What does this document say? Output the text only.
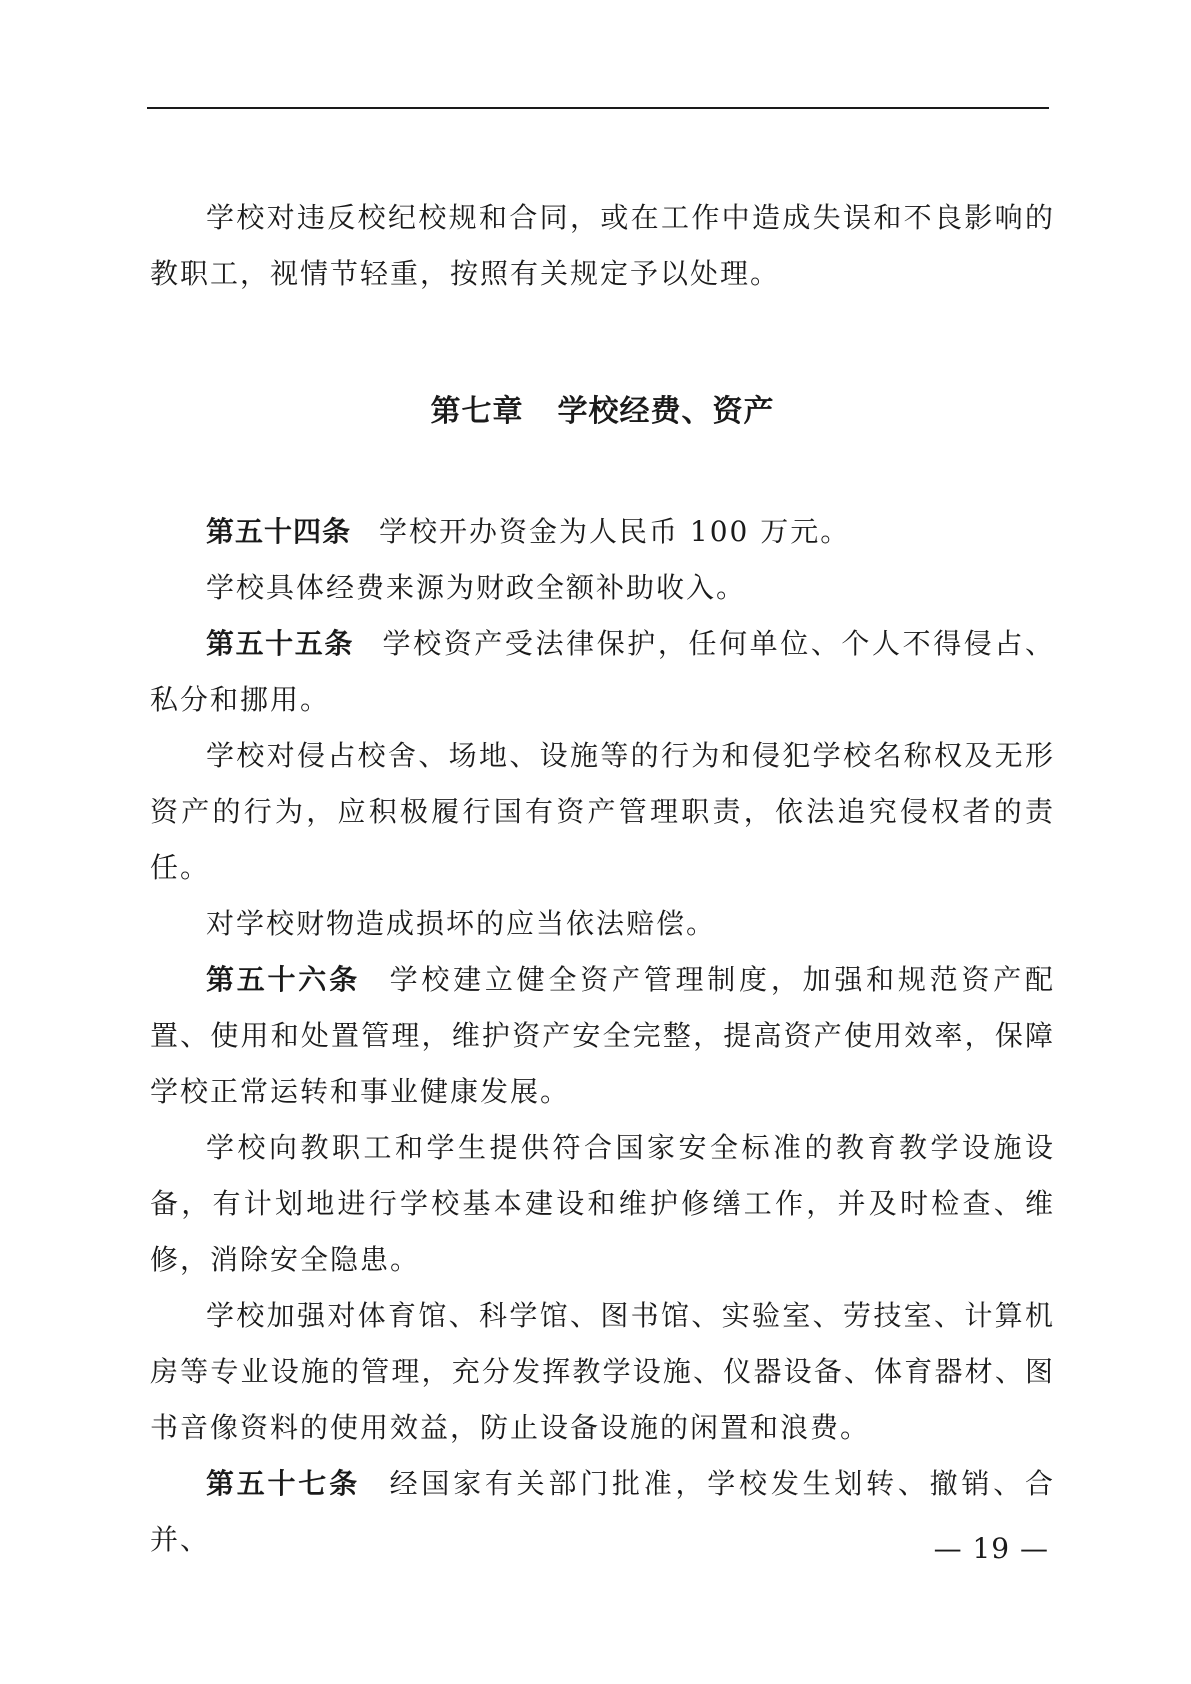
学校对违反校纪校规和合同，或在工作中造成失误和不良影响的教职工，视情节轻重，按照有关规定予以处理。

第七章 学校经费、资产

第五十四条 学校开办资金为人民币 100 万元。

学校具体经费来源为财政全额补助收入。

第五十五条 学校资产受法律保护，任何单位、个人不得侵占、私分和挪用。

学校对侵占校舍、场地、设施等的行为和侵犯学校名称权及无形资产的行为，应积极履行国有资产管理职责，依法追究侵权者的责任。

对学校财物造成损坏的应当依法赔偿。

第五十六条 学校建立健全资产管理制度，加强和规范资产配置、使用和处置管理，维护资产安全完整，提高资产使用效率，保障学校正常运转和事业健康发展。

学校向教职工和学生提供符合国家安全标准的教育教学设施设备，有计划地进行学校基本建设和维护修缮工作，并及时检查、维修，消除安全隐患。

学校加强对体育馆、科学馆、图书馆、实验室、劳技室、计算机房等专业设施的管理，充分发挥教学设施、仪器设备、体育器材、图书音像资料的使用效益，防止设备设施的闲置和浪费。

第五十七条 经国家有关部门批准，学校发生划转、撤销、合并、	— 19 —
